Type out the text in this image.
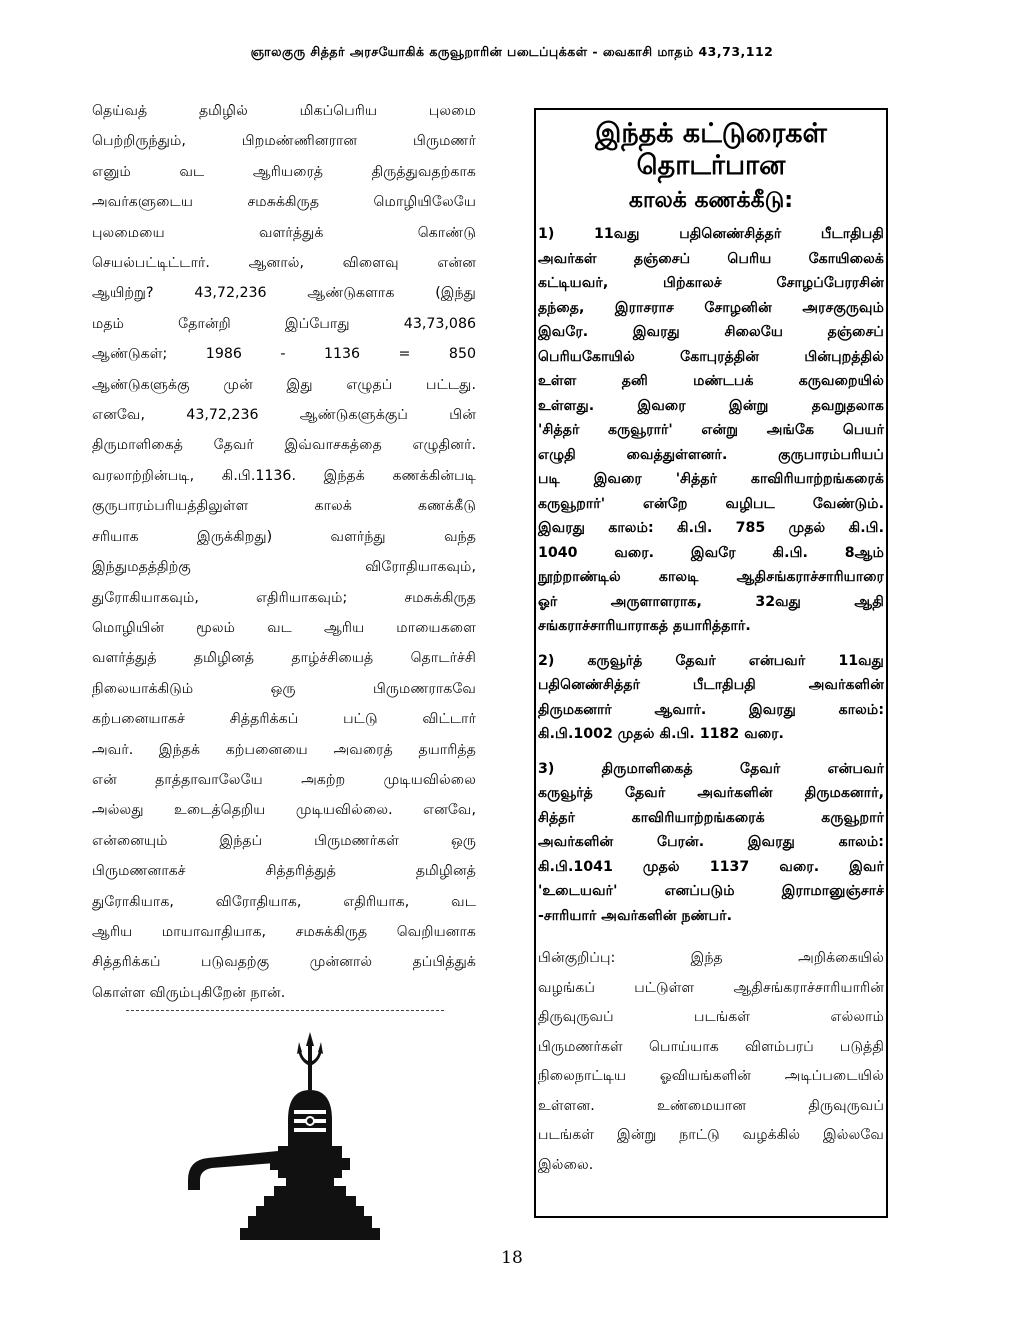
ஞாலகுரு சித்தர் அரசயோகிக் கருவூறாரின் படைப்புக்கள் - வைகாசி மாதம் 43,73,112
தெய்வத் தமிழில் மிகப்பெரிய புலமை
பெற்றிருந்தும், பிறமண்ணினரான பிருமணர்
எனும் வட ஆரியரைத் திருத்துவதற்காக
அவர்களுடைய சமசுக்கிருத மொழியிலேயே
புலமையை வளர்த்துக் கொண்டு
செயல்பட்டிட்டார். ஆனால், விளைவு என்ன
ஆயிற்று? 43,72,236 ஆண்டுகளாக (இந்து
மதம் தோன்றி இப்போது 43,73,086
ஆண்டுகள்; 1986 - 1136 = 850
ஆண்டுகளுக்கு முன் இது எழுதப் பட்டது.
எனவே, 43,72,236 ஆண்டுகளுக்குப் பின்
திருமாளிகைத் தேவர் இவ்வாசகத்தை எழுதினர்.
வரலாற்றின்படி, கி.பி.1136. இந்தக் கணக்கின்படி
குருபாரம்பரியத்திலுள்ள காலக் கணக்கீடு
சரியாக இருக்கிறது) வளர்ந்து வந்த
இந்துமதத்திற்கு விரோதியாகவும்,
துரோகியாகவும், எதிரியாகவும்; சமசுக்கிருத
மொழியின் மூலம் வட ஆரிய மாயைகளை
வளர்த்துத் தமிழினத் தாழ்ச்சியைத் தொடர்ச்சி
நிலையாக்கிடும் ஒரு பிருமணராகவே
கற்பனையாகச் சித்தரிக்கப் பட்டு விட்டார்
அவர். இந்தக் கற்பனையை அவரைத் தயாரித்த
என் தாத்தாவாலேயே அகற்ற முடியவில்லை
அல்லது உடைத்தெறிய முடியவில்லை. எனவே,
என்னையும் இந்தப் பிருமணர்கள் ஒரு
பிருமணனாகச் சித்தரித்துத் தமிழினத்
துரோகியாக, விரோதியாக, எதிரியாக, வட
ஆரிய மாயாவாதியாக, சமசுக்கிருத வெறியனாக
சித்தரிக்கப் படுவதற்கு முன்னால் தப்பித்துக்
கொள்ள விரும்புகிறேன் நான்.
இந்தக் கட்டுரைகள்
தொடர்பான
காலக் கணக்கீடு:
1) 11வது பதினெண்சித்தர் பீடாதிபதி
அவர்கள் தஞ்சைப் பெரிய கோயிலைக்
கட்டியவர், பிற்காலச் சோழப்பேரரசின்
தந்தை, இராசராச சோழனின் அரசகுருவும்
இவரே. இவரது சிலையே தஞ்சைப்
பெரியகோயில் கோபுரத்தின் பின்புறத்தில்
உள்ள தனி மண்டபக் கருவறையில்
உள்ளது. இவரை இன்று தவறுதலாக
'சித்தர் கருவூரார்' என்று அங்கே பெயர்
எழுதி வைத்துள்ளனர். குருபாரம்பரியப்
படி இவரை 'சித்தர் காவிரியாற்றங்கரைக்
கருவூறார்' என்றே வழிபட வேண்டும்.
இவரது காலம்: கி.பி. 785 முதல் கி.பி.
1040 வரை. இவரே கி.பி. 8ஆம்
நூற்றாண்டில் காலடி ஆதிசங்கராச்சாரியாரை
ஓர் அருளாளராக, 32வது ஆதி
சங்கராச்சாரியாராகத் தயாரித்தார்.
2) கருவூர்த் தேவர் என்பவர் 11வது
பதினெண்சித்தர் பீடாதிபதி அவர்களின்
திருமகனார் ஆவார். இவரது காலம்:
கி.பி.1002 முதல் கி.பி. 1182 வரை.
3) திருமாளிகைத் தேவர் என்பவர்
கருவூர்த் தேவர் அவர்களின் திருமகனார்,
சித்தர் காவிரியாற்றங்கரைக் கருவூறார்
அவர்களின் பேரன். இவரது காலம்:
கி.பி.1041 முதல் 1137 வரை. இவர்
'உடையவர்' எனப்படும் இராமானுஞ்சாச்
-சாரியார் அவர்களின் நண்பர்.
பின்குறிப்பு: இந்த அறிக்கையில்
வழங்கப் பட்டுள்ள ஆதிசங்கராச்சாரியாரின்
திருவுருவப் படங்கள் எல்லாம்
பிருமணர்கள் பொய்யாக விளம்பரப் படுத்தி
நிலைநாட்டிய ஓவியங்களின் அடிப்படையில்
உள்ளன. உண்மையான திருவுருவப்
படங்கள் இன்று நாட்டு வழக்கில் இல்லவே
இல்லை.
18
